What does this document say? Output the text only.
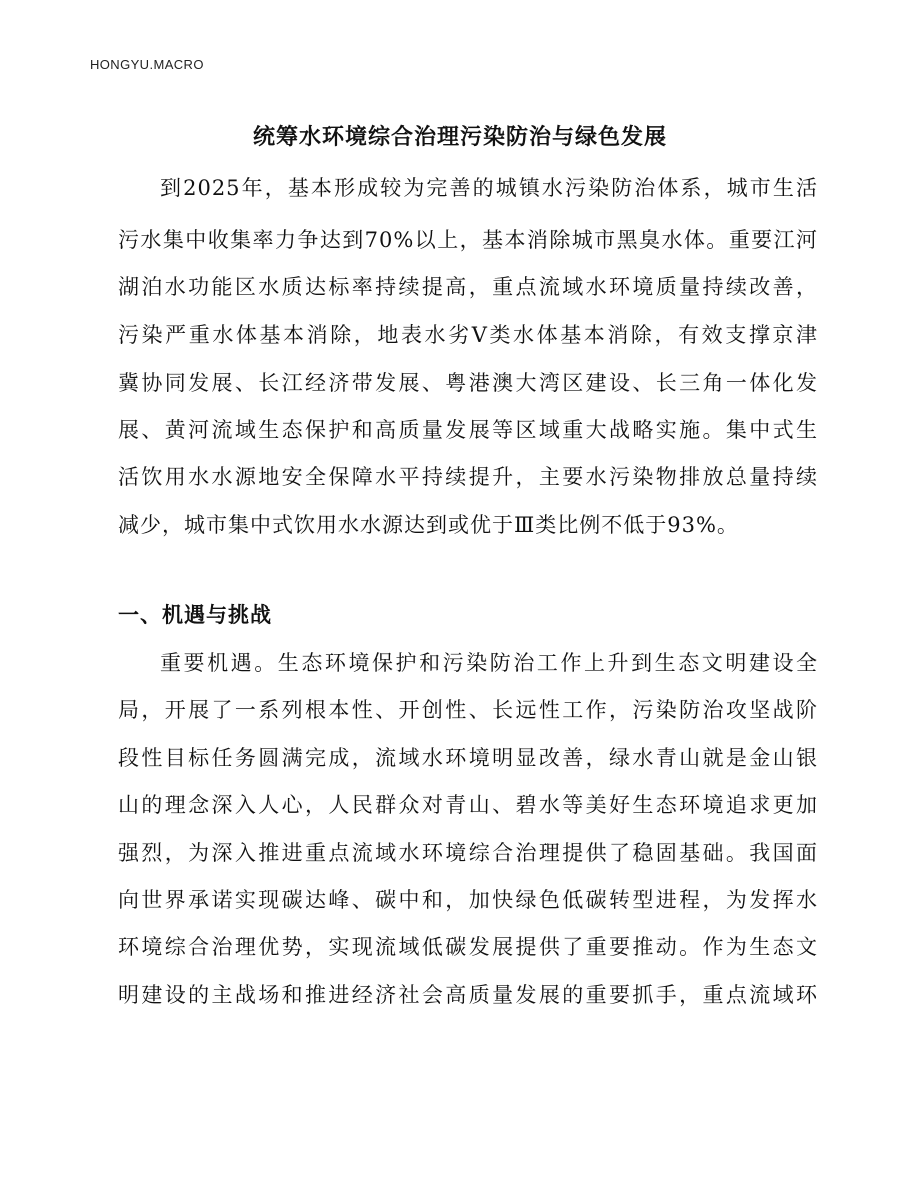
HONGYU.MACRO
统筹水环境综合治理污染防治与绿色发展
到2025年，基本形成较为完善的城镇水污染防治体系，城市生活
污水集中收集率力争达到70%以上，基本消除城市黑臭水体。重要江河
湖泊水功能区水质达标率持续提高，重点流域水环境质量持续改善，
污染严重水体基本消除，地表水劣Ⅴ类水体基本消除，有效支撑京津
冀协同发展、长江经济带发展、粤港澳大湾区建设、长三角一体化发
展、黄河流域生态保护和高质量发展等区域重大战略实施。集中式生
活饮用水水源地安全保障水平持续提升，主要水污染物排放总量持续
减少，城市集中式饮用水水源达到或优于Ⅲ类比例不低于93%。
一、机遇与挑战
重要机遇。生态环境保护和污染防治工作上升到生态文明建设全
局，开展了一系列根本性、开创性、长远性工作，污染防治攻坚战阶
段性目标任务圆满完成，流域水环境明显改善，绿水青山就是金山银
山的理念深入人心，人民群众对青山、碧水等美好生态环境追求更加
强烈，为深入推进重点流域水环境综合治理提供了稳固基础。我国面
向世界承诺实现碳达峰、碳中和，加快绿色低碳转型进程，为发挥水
环境综合治理优势，实现流域低碳发展提供了重要推动。作为生态文
明建设的主战场和推进经济社会高质量发展的重要抓手，重点流域环
